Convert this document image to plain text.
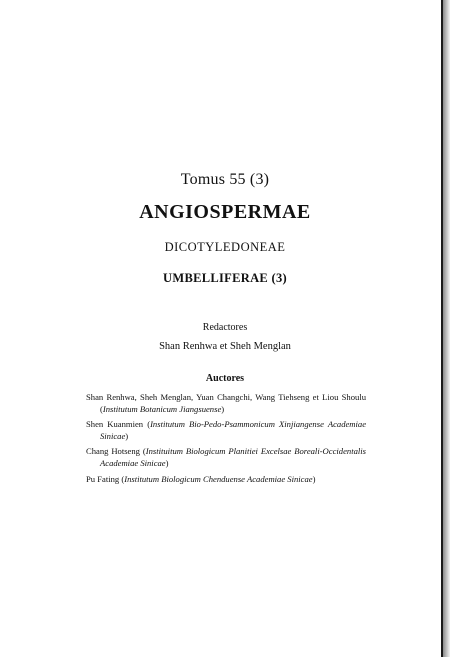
Tomus 55 (3)
ANGIOSPERMAE
DICOTYLEDONEAE
UMBELLIFERAE (3)
Redactores
Shan Renhwa et Sheh Menglan
Auctores
Shan Renhwa, Sheh Menglan, Yuan Changchi, Wang Tiehseng et Liou Shoulu (Institutum Botanicum Jiangsuense)
Shen Kuanmien (Institutum Bio-Pedo-Psammonicum Xinjiangense Academiae Sinicae)
Chang Hotseng (Instituitum Biologicum Planitiei Excelsae Boreali-Occidentalis Academiae Sinicae)
Pu Fating (Institutum Biologicum Chenduense Academiae Sinicae)
